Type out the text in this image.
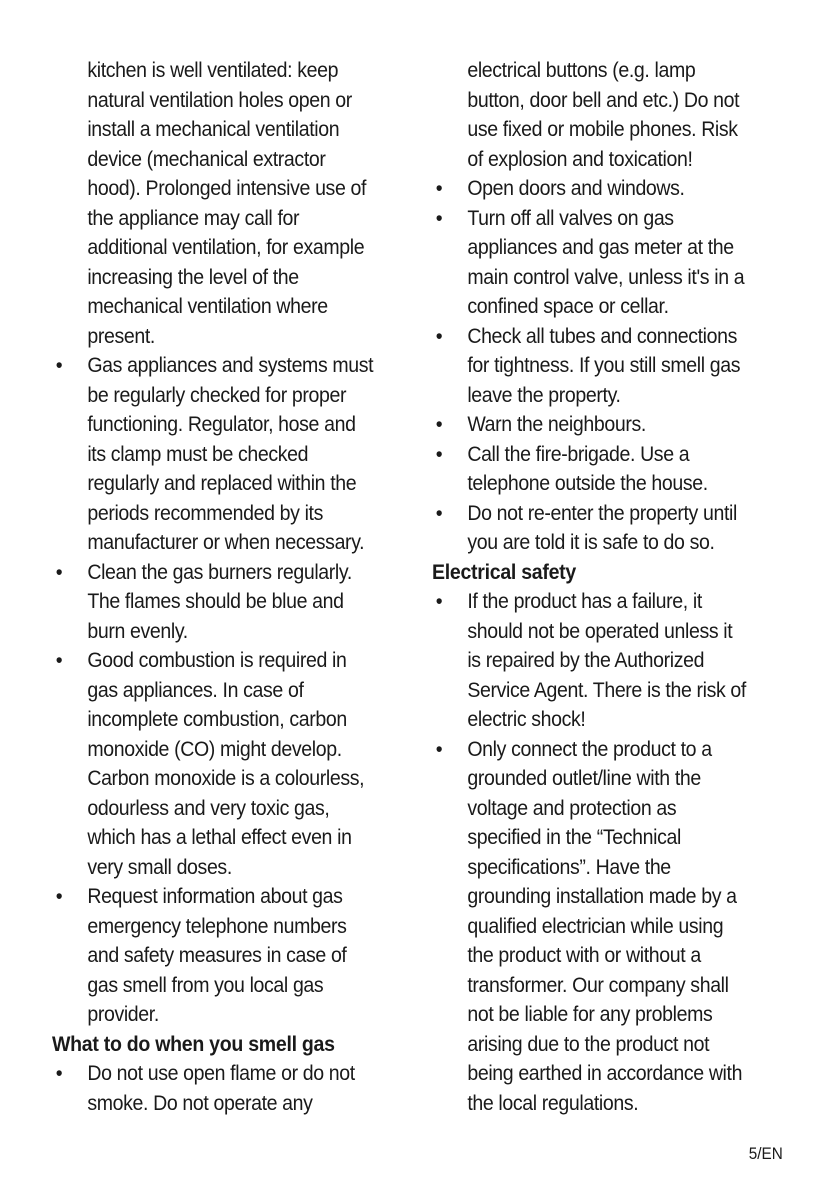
kitchen is well ventilated: keep
natural ventilation holes open or
install a mechanical ventilation
device (mechanical extractor
hood). Prolonged intensive use of
the appliance may call for
additional ventilation, for example
increasing the level of the
mechanical ventilation where
present.
• Gas appliances and systems must
be regularly checked for proper
functioning. Regulator, hose and
its clamp must be checked
regularly and replaced within the
periods recommended by its
manufacturer or when necessary.
• Clean the gas burners regularly.
The flames should be blue and
burn evenly.
• Good combustion is required in
gas appliances. In case of
incomplete combustion, carbon
monoxide (CO) might develop.
Carbon monoxide is a colourless,
odourless and very toxic gas,
which has a lethal effect even in
very small doses.
• Request information about gas
emergency telephone numbers
and safety measures in case of
gas smell from you local gas
provider.
What to do when you smell gas
• Do not use open flame or do not
smoke. Do not operate any
electrical buttons (e.g. lamp
button, door bell and etc.) Do not
use fixed or mobile phones. Risk
of explosion and toxication!
• Open doors and windows.
• Turn off all valves on gas
appliances and gas meter at the
main control valve, unless it's in a
confined space or cellar.
• Check all tubes and connections
for tightness. If you still smell gas
leave the property.
• Warn the neighbours.
• Call the fire-brigade. Use a
telephone outside the house.
• Do not re-enter the property until
you are told it is safe to do so.
Electrical safety
• If the product has a failure, it
should not be operated unless it
is repaired by the Authorized
Service Agent. There is the risk of
electric shock!
• Only connect the product to a
grounded outlet/line with the
voltage and protection as
specified in the “Technical
specifications”. Have the
grounding installation made by a
qualified electrician while using
the product with or without a
transformer. Our company shall
not be liable for any problems
arising due to the product not
being earthed in accordance with
the local regulations.
5/EN
